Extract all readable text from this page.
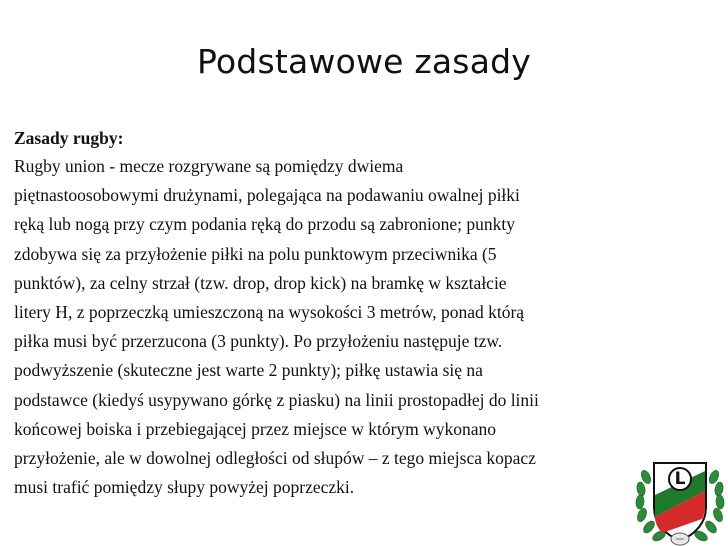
Podstawowe zasady
Zasady rugby:
Rugby union - mecze rozgrywane są pomiędzy dwiema
piętnastoosobowymi drużynami, polegająca na podawaniu owalnej piłki
ręką lub nogą przy czym podania ręką do przodu są zabronione; punkty
zdobywa się za przyłożenie piłki na polu punktowym przeciwnika (5
punktów), za celny strzał (tzw. drop, drop kick) na bramkę w kształcie
litery H, z poprzeczką umieszczoną na wysokości 3 metrów, ponad którą
piłka musi być przerzucona (3 punkty). Po przyłożeniu następuje tzw.
podwyższenie (skuteczne jest warte 2 punkty); piłkę ustawia się na
podstawce (kiedyś usypywano górkę z piasku) na linii prostopadłej do linii
końcowej boiska i przebiegającej przez miejsce w którym wykonano
przyłożenie, ale w dowolnej odległości od słupów – z tego miejsca kopacz
musi trafić pomiędzy słupy powyżej poprzeczki.	L
